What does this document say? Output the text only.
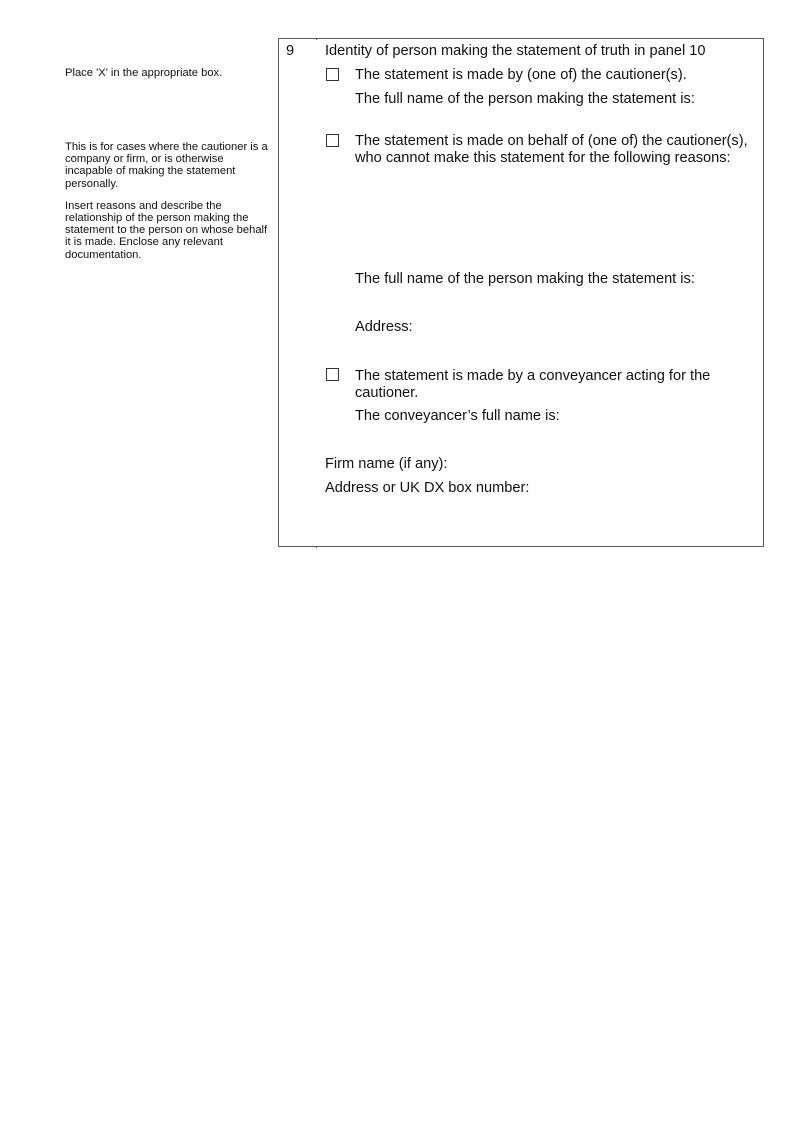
Place 'X' in the appropriate box.

This is for cases where the cautioner is a company or firm, or is otherwise incapable of making the statement personally.

Insert reasons and describe the relationship of the person making the statement to the person on whose behalf it is made. Enclose any relevant documentation.

9 Identity of person making the statement of truth in panel 10
The statement is made by (one of) the cautioner(s).
The full name of the person making the statement is:
The statement is made on behalf of (one of) the cautioner(s), who cannot make this statement for the following reasons:
The full name of the person making the statement is:
Address:
The statement is made by a conveyancer acting for the cautioner.
The conveyancer’s full name is:
Firm name (if any):
Address or UK DX box number:
